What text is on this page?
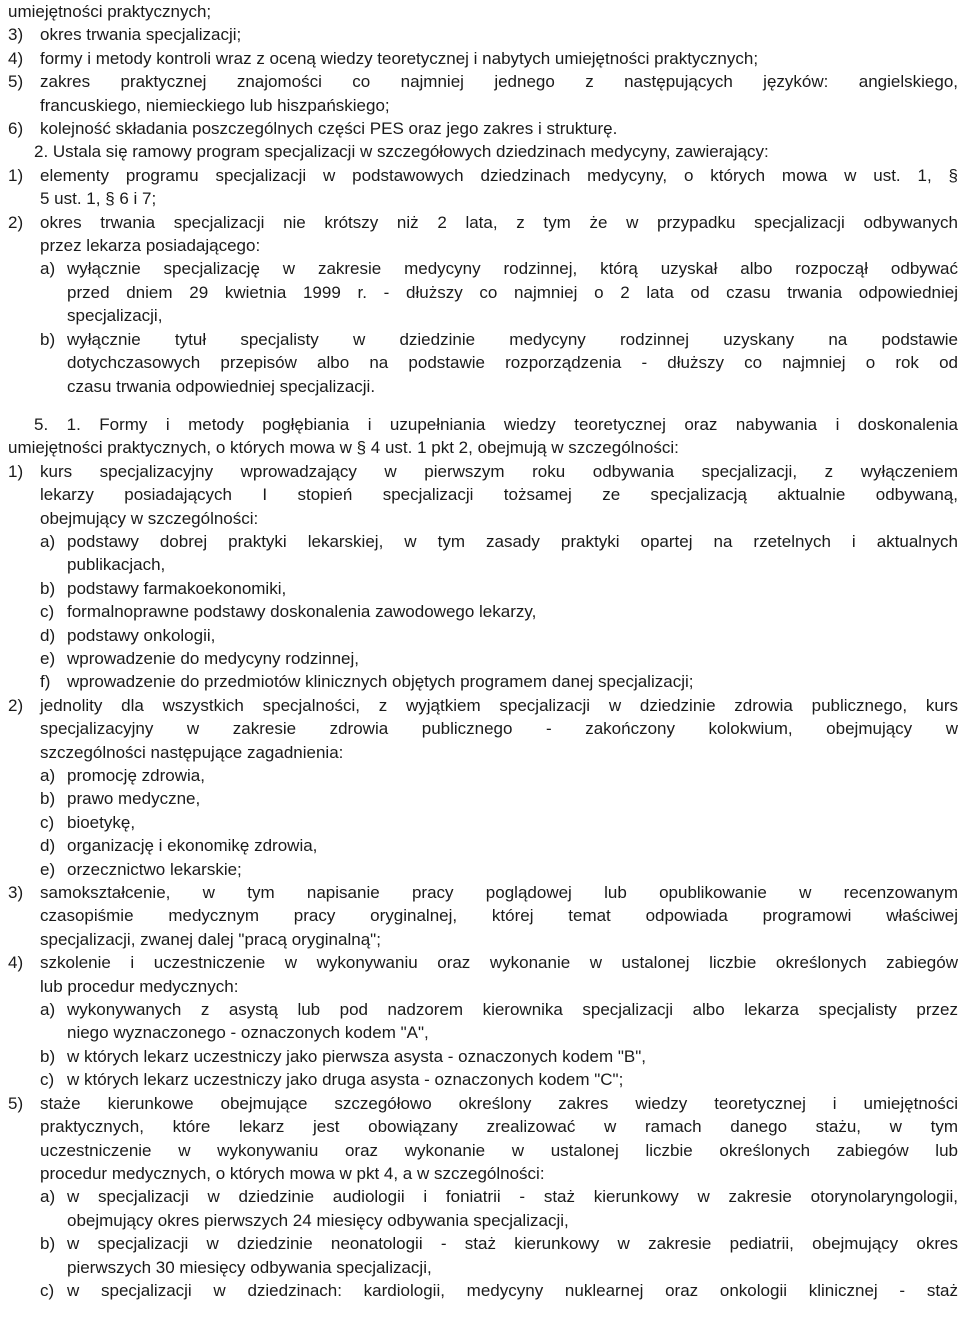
umiejętności praktycznych;
3) okres trwania specjalizacji;
4) formy i metody kontroli wraz z oceną wiedzy teoretycznej i nabytych umiejętności praktycznych;
5) zakres praktycznej znajomości co najmniej jednego z następujących języków: angielskiego,
francuskiego, niemieckiego lub hiszpańskiego;
6) kolejność składania poszczególnych części PES oraz jego zakres i strukturę.
2. Ustala się ramowy program specjalizacji w szczegółowych dziedzinach medycyny, zawierający:
1) elementy programu specjalizacji w podstawowych dziedzinach medycyny, o których mowa w ust. 1, §
5 ust. 1, § 6 i 7;
2) okres trwania specjalizacji nie krótszy niż 2 lata, z tym że w przypadku specjalizacji odbywanych
przez lekarza posiadającego:
a) wyłącznie specjalizację w zakresie medycyny rodzinnej, którą uzyskał albo rozpoczął odbywać
przed dniem 29 kwietnia 1999 r. - dłuższy co najmniej o 2 lata od czasu trwania odpowiedniej
specjalizacji,
b) wyłącznie tytuł specjalisty w dziedzinie medycyny rodzinnej uzyskany na podstawie
dotychczasowych przepisów albo na podstawie rozporządzenia - dłuższy co najmniej o rok od
czasu trwania odpowiedniej specjalizacji.
5. 1. Formy i metody pogłębiania i uzupełniania wiedzy teoretycznej oraz nabywania i doskonalenia
umiejętności praktycznych, o których mowa w § 4 ust. 1 pkt 2, obejmują w szczególności:
1) kurs specjalizacyjny wprowadzający w pierwszym roku odbywania specjalizacji, z wyłączeniem
lekarzy posiadających I stopień specjalizacji tożsamej ze specjalizacją aktualnie odbywaną,
obejmujący w szczególności:
a) podstawy dobrej praktyki lekarskiej, w tym zasady praktyki opartej na rzetelnych i aktualnych
publikacjach,
b) podstawy farmakoekonomiki,
c) formalnoprawne podstawy doskonalenia zawodowego lekarzy,
d) podstawy onkologii,
e) wprowadzenie do medycyny rodzinnej,
f) wprowadzenie do przedmiotów klinicznych objętych programem danej specjalizacji;
2) jednolity dla wszystkich specjalności, z wyjątkiem specjalizacji w dziedzinie zdrowia publicznego, kurs
specjalizacyjny w zakresie zdrowia publicznego - zakończony kolokwium, obejmujący w
szczególności następujące zagadnienia:
a) promocję zdrowia,
b) prawo medyczne,
c) bioetykę,
d) organizację i ekonomikę zdrowia,
e) orzecznictwo lekarskie;
3) samokształcenie, w tym napisanie pracy poglądowej lub opublikowanie w recenzowanym
czasopiśmie medycznym pracy oryginalnej, której temat odpowiada programowi właściwej
specjalizacji, zwanej dalej "pracą oryginalną";
4) szkolenie i uczestniczenie w wykonywaniu oraz wykonanie w ustalonej liczbie określonych zabiegów
lub procedur medycznych:
a) wykonywanych z asystą lub pod nadzorem kierownika specjalizacji albo lekarza specjalisty przez
niego wyznaczonego - oznaczonych kodem "A",
b) w których lekarz uczestniczy jako pierwsza asysta - oznaczonych kodem "B",
c) w których lekarz uczestniczy jako druga asysta - oznaczonych kodem "C";
5) staże kierunkowe obejmujące szczegółowo określony zakres wiedzy teoretycznej i umiejętności
praktycznych, które lekarz jest obowiązany zrealizować w ramach danego stażu, w tym
uczestniczenie w wykonywaniu oraz wykonanie w ustalonej liczbie określonych zabiegów lub
procedur medycznych, o których mowa w pkt 4, a w szczególności:
a) w specjalizacji w dziedzinie audiologii i foniatrii - staż kierunkowy w zakresie otorynolaryngologii,
obejmujący okres pierwszych 24 miesięcy odbywania specjalizacji,
b) w specjalizacji w dziedzinie neonatologii - staż kierunkowy w zakresie pediatrii, obejmujący okres
pierwszych 30 miesięcy odbywania specjalizacji,
c) w specjalizacji w dziedzinach: kardiologii, medycyny nuklearnej oraz onkologii klinicznej - staż
